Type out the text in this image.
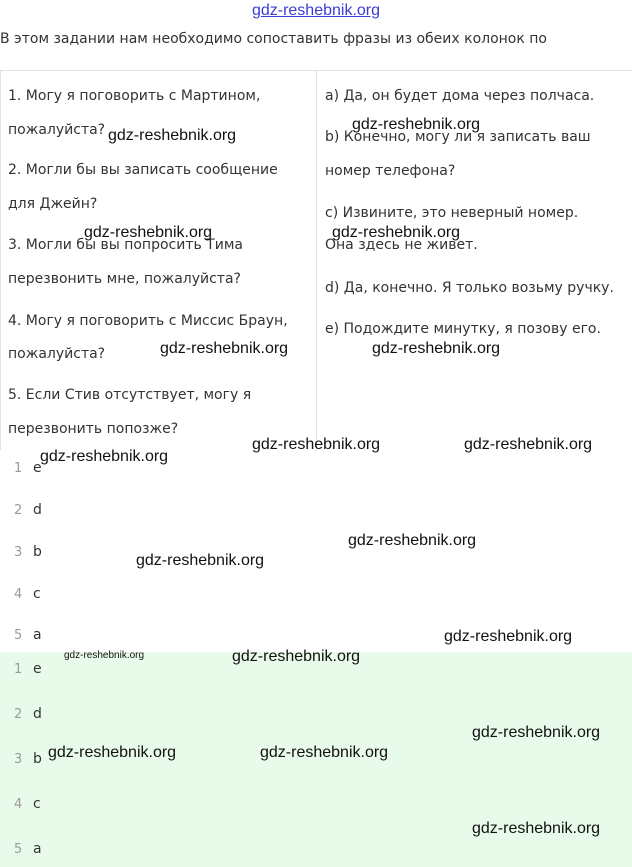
gdz-reshebnik.org
В этом задании нам необходимо сопоставить фразы из обеих колонок по
1. Могу я поговорить с Мартином,
пожалуйста?
2. Могли бы вы записать сообщение
для Джейн?
3. Могли бы вы попросить Тима
перезвонить мне, пожалуйста?
4. Могу я поговорить с Миссис Браун,
пожалуйста?
5. Если Стив отсутствует, могу я
перезвонить попозже?
a) Да, он будет дома через полчаса.
b) Конечно, могу ли я записать ваш
номер телефона?
c) Извините, это неверный номер.
Она здесь не живет.
d) Да, конечно. Я только возьму ручку.
e) Подождите минутку, я позову его.
1 e
2 d
3 b
4 c
5 a
1 e
2 d
3 b
4 c
5 a
gdz-reshebnik.org
gdz-reshebnik.org
gdz-reshebnik.org	gdz-reshebnik.org
gdz-reshebnik.org	gdz-reshebnik.org
gdz-reshebnik.org	gdz-reshebnik.org
gdz-reshebnik.org
gdz-reshebnik.org
gdz-reshebnik.org
gdz-reshebnik.org
gdz-reshebnik.org	gdz-reshebnik.org
gdz-reshebnik.org
gdz-reshebnik.org	gdz-reshebnik.org
gdz-reshebnik.org
